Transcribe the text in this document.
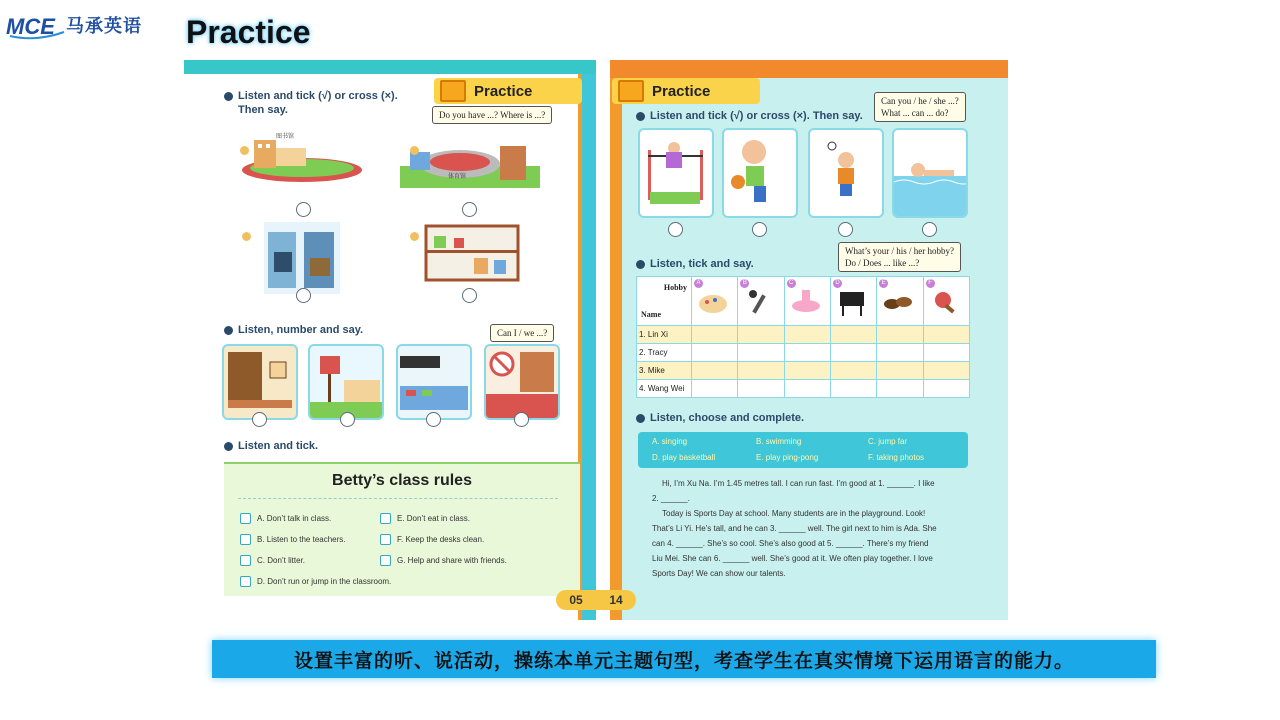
MCE 马承英语 Practice
Practice
Listen and tick (√) or cross (×).
Then say.	Do you have ...? Where is ...?
图书馆
体育馆
Listen, number and say.	Can I / we ...?
Listen and tick.
Betty’s class rules
A. Don’t talk in class.
B. Listen to the teachers.
C. Don’t litter.
D. Don’t run or jump in the classroom.
E. Don’t eat in class.
F. Keep the desks clean.
G. Help and share with friends.
Practice
Listen and tick (√) or cross (×). Then say.
Can you / he / she ...?
What ... can ... do?
Listen, tick and say.
What’s your / his / her hobby?
Do / Does ... like ...?
Hobby
Name	A	B	C	D	E	F

1. Lin Xi						
2. Tracy						
3. Mike						
4. Wang Wei						
Listen, choose and complete.
A. singing	B. swimming	C. jump far
D. play basketball	E. play ping-pong	F. taking photos
Hi, I’m Xu Na. I’m 1.45 metres tall. I can run fast. I’m good at 1. ______. I like
2. ______.
Today is Sports Day at school. Many students are in the playground. Look!
That’s Li Yi. He’s tall, and he can 3. ______ well. The girl next to him is Ada. She
can 4. ______. She’s so cool. She’s also good at 5. ______. There’s my friend
Liu Mei. She can 6. ______ well. She’s good at it. We often play together. I love
Sports Day! We can show our talents.
05 14
设置丰富的听、说活动，操练本单元主题句型，考查学生在真实情境下运用语言的能力。
